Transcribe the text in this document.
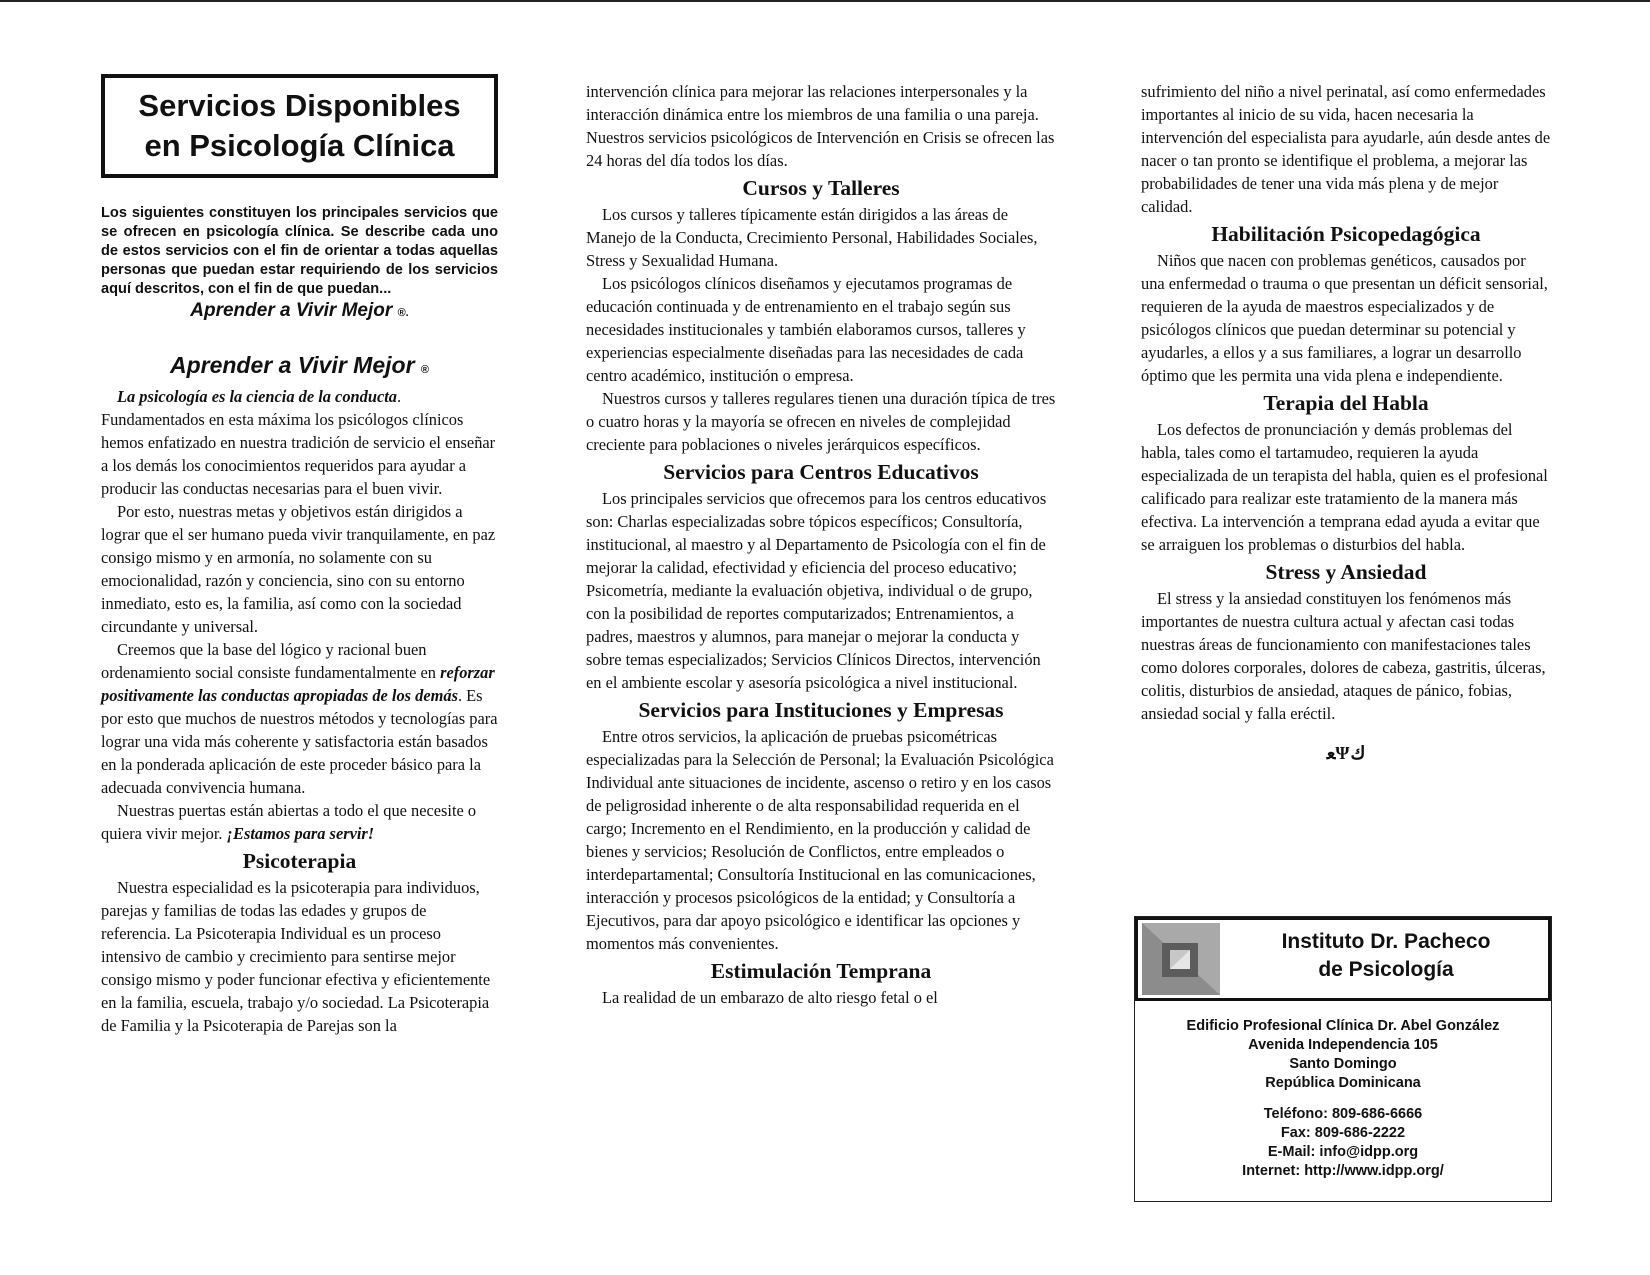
Servicios Disponibles
en Psicología Clínica
Los siguientes constituyen los principales servicios que se ofrecen en psicología clínica. Se describe cada uno de estos servicios con el fin de orientar a todas aquellas personas que puedan estar requiriendo de los servicios aquí descritos, con el fin de que puedan...
Aprender a Vivir Mejor ®.
Aprender a Vivir Mejor ®

La psicología es la ciencia de la conducta.

Fundamentados en esta máxima los psicólogos clínicos hemos enfatizado en nuestra tradición de servicio el enseñar a los demás los conocimientos requeridos para ayudar a producir las conductas necesarias para el buen vivir.

Por esto, nuestras metas y objetivos están dirigidos a lograr que el ser humano pueda vivir tranquilamente, en paz consigo mismo y en armonía, no solamente con su emocionalidad, razón y conciencia, sino con su entorno inmediato, esto es, la familia, así como con la sociedad circundante y universal.

Creemos que la base del lógico y racional buen ordenamiento social consiste fundamentalmente en reforzar positivamente las conductas apropiadas de los demás. Es por esto que muchos de nuestros métodos y tecnologías para lograr una vida más coherente y satisfactoria están basados en la ponderada aplicación de este proceder básico para la adecuada convivencia humana.

Nuestras puertas están abiertas a todo el que necesite o quiera vivir mejor. ¡Estamos para servir!

Psicoterapia

Nuestra especialidad es la psicoterapia para individuos, parejas y familias de todas las edades y grupos de referencia. La Psicoterapia Individual es un proceso intensivo de cambio y crecimiento para sentirse mejor consigo mismo y poder funcionar efectiva y eficientemente en la familia, escuela, trabajo y/o sociedad. La Psicoterapia de Familia y la Psicoterapia de Parejas son la

intervención clínica para mejorar las relaciones interpersonales y la interacción dinámica entre los miembros de una familia o una pareja. Nuestros servicios psicológicos de Intervención en Crisis se ofrecen las 24 horas del día todos los días.

Cursos y Talleres

Los cursos y talleres típicamente están dirigidos a las áreas de Manejo de la Conducta, Crecimiento Personal, Habilidades Sociales, Stress y Sexualidad Humana.

Los psicólogos clínicos diseñamos y ejecutamos programas de educación continuada y de entrenamiento en el trabajo según sus necesidades institucionales y también elaboramos cursos, talleres y experiencias especialmente diseñadas para las necesidades de cada centro académico, institución o empresa.

Nuestros cursos y talleres regulares tienen una duración típica de tres o cuatro horas y la mayoría se ofrecen en niveles de complejidad creciente para poblaciones o niveles jerárquicos específicos.

Servicios para Centros Educativos

Los principales servicios que ofrecemos para los centros educativos son: Charlas especializadas sobre tópicos específicos; Consultoría, institucional, al maestro y al Departamento de Psicología con el fin de mejorar la calidad, efectividad y eficiencia del proceso educativo; Psicometría, mediante la evaluación objetiva, individual o de grupo, con la posibilidad de reportes computarizados; Entrenamientos, a padres, maestros y alumnos, para manejar o mejorar la conducta y sobre temas especializados; Servicios Clínicos Directos, intervención en el ambiente escolar y asesoría psicológica a nivel institucional.

Servicios para Instituciones y Empresas

Entre otros servicios, la aplicación de pruebas psicométricas especializadas para la Selección de Personal; la Evaluación Psicológica Individual ante situaciones de incidente, ascenso o retiro y en los casos de peligrosidad inherente o de alta responsabilidad requerida en el cargo; Incremento en el Rendimiento, en la producción y calidad de bienes y servicios; Resolución de Conflictos, entre empleados o interdepartamental; Consultoría Institucional en las comunicaciones, interacción y procesos psicológicos de la entidad; y Consultoría a Ejecutivos, para dar apoyo psicológico e identificar las opciones y momentos más convenientes.

Estimulación Temprana

La realidad de un embarazo de alto riesgo fetal o el

sufrimiento del niño a nivel perinatal, así como enfermedades importantes al inicio de su vida, hacen necesaria la intervención del especialista para ayudarle, aún desde antes de nacer o tan pronto se identifique el problema, a mejorar las probabilidades de tener una vida más plena y de mejor calidad.

Habilitación Psicopedagógica

Niños que nacen con problemas genéticos, causados por una enfermedad o trauma o que presentan un déficit sensorial, requieren de la ayuda de maestros especializados y de psicólogos clínicos que puedan determinar su potencial y ayudarles, a ellos y a sus familiares, a lograr un desarrollo óptimo que les permita una vida plena e independiente.

Terapia del Habla

Los defectos de pronunciación y demás problemas del habla, tales como el tartamudeo, requieren la ayuda especializada de un terapista del habla, quien es el profesional calificado para realizar este tratamiento de la manera más efectiva. La intervención a temprana edad ayuda a evitar que se arraiguen los problemas o disturbios del habla.

Stress y Ansiedad

El stress y la ansiedad constituyen los fenómenos más importantes de nuestra cultura actual y afectan casi todas nuestras áreas de funcionamiento con manifestaciones tales como dolores corporales, dolores de cabeza, gastritis, úlceras, colitis, disturbios de ansiedad, ataques de pánico, fobias, ansiedad social y falla eréctil.

ﻌΨﻙ
Instituto Dr. Pacheco
de Psicología
Edificio Profesional Clínica Dr. Abel González
Avenida Independencia 105
Santo Domingo
República Dominicana
Teléfono: 809-686-6666
Fax: 809-686-2222
E-Mail: info@idpp.org
Internet: http://www.idpp.org/
